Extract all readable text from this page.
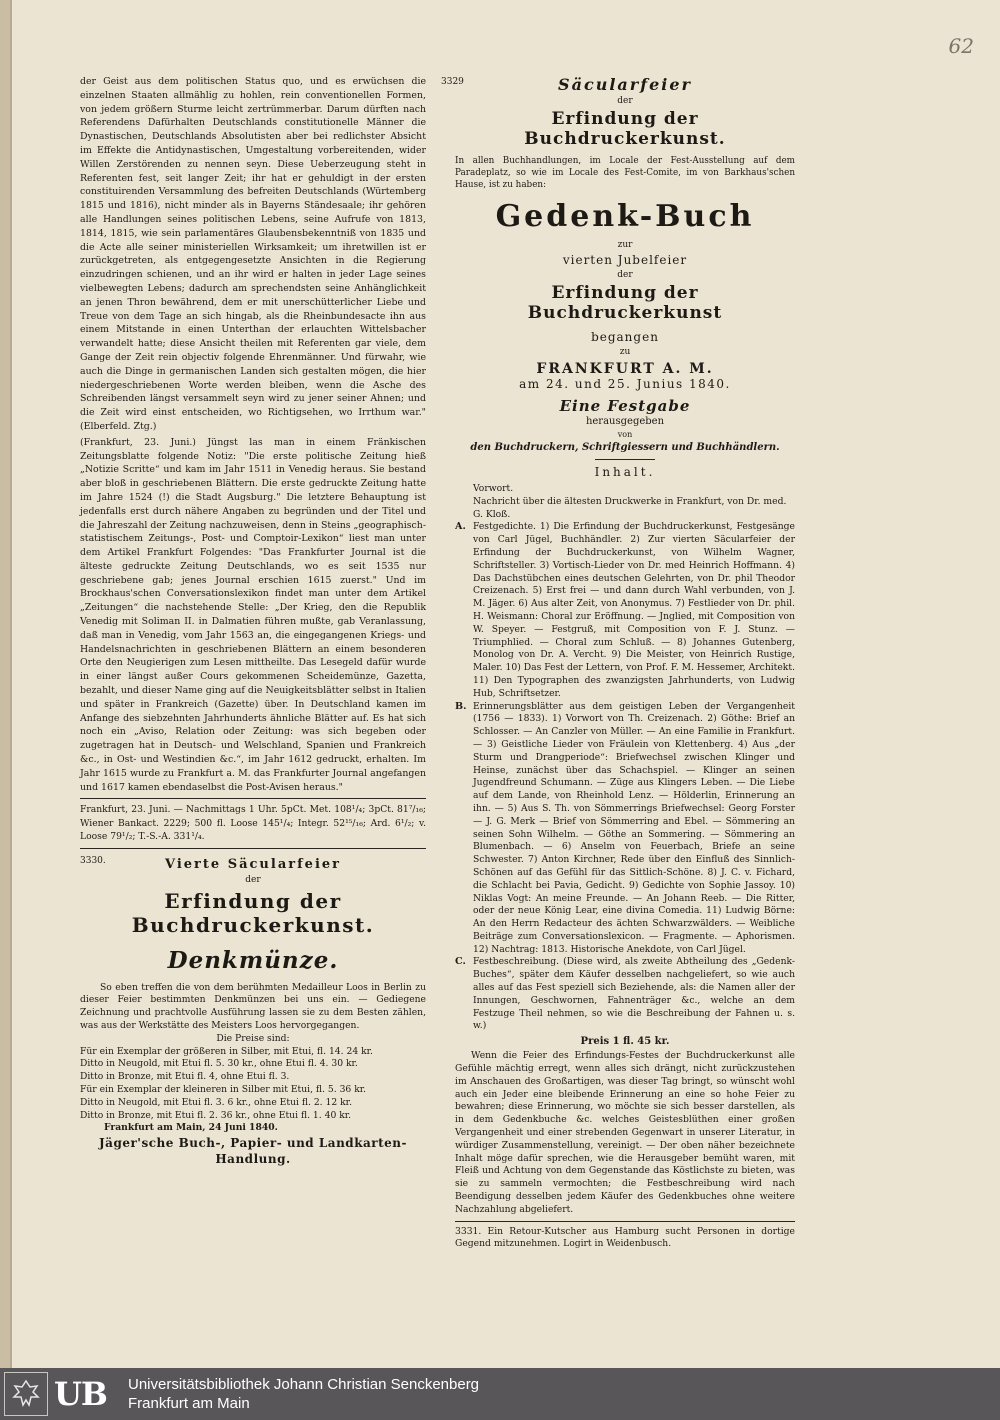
62

der Geist aus dem politischen Status quo, und es erwüchsen die einzelnen Staaten allmählig zu hohlen, rein conventionellen Formen, von jedem größern Sturme leicht zertrümmerbar. Darum dürften nach Referendens Dafürhalten Deutschlands constitutionelle Männer die Dynastischen, Deutschlands Absolutisten aber bei redlichster Absicht im Effekte die Antidynastischen, Umgestaltung vorbereitenden, wider Willen Zerstörenden zu nennen seyn. Diese Ueberzeugung steht in Referenten fest, seit langer Zeit; ihr hat er gehuldigt in der ersten constituirenden Versammlung des befreiten Deutschlands (Würtemberg 1815 und 1816), nicht minder als in Bayerns Ständesaale; ihr gehören alle Handlungen seines politischen Lebens, seine Aufrufe von 1813, 1814, 1815, wie sein parlamentäres Glaubensbekenntniß von 1835 und die Acte alle seiner ministeriellen Wirksamkeit; um ihretwillen ist er zurückgetreten, als entgegengesetzte Ansichten in die Regierung einzudringen schienen, und an ihr wird er halten in jeder Lage seines vielbewegten Lebens; dadurch am sprechendsten seine Anhänglichkeit an jenen Thron bewährend, dem er mit unerschütterlicher Liebe und Treue von dem Tage an sich hingab, als die Rheinbundesacte ihn aus einem Mitstande in einen Unterthan der erlauchten Wittelsbacher verwandelt hatte; diese Ansicht theilen mit Referenten gar viele, dem Gange der Zeit rein objectiv folgende Ehrenmänner. Und fürwahr, wie auch die Dinge in germanischen Landen sich gestalten mögen, die hier niedergeschriebenen Worte werden bleiben, wenn die Asche des Schreibenden längst versammelt seyn wird zu jener seiner Ahnen; und die Zeit wird einst entscheiden, wo Richtigsehen, wo Irrthum war." (Elberfeld. Ztg.)

(Frankfurt, 23. Juni.) Jüngst las man in einem Fränkischen Zeitungsblatte folgende Notiz: "Die erste politische Zeitung hieß „Notizie Scritte“ und kam im Jahr 1511 in Venedig heraus. Sie bestand aber bloß in geschriebenen Blättern. Die erste gedruckte Zeitung hatte im Jahre 1524 (!) die Stadt Augsburg." Die letztere Behauptung ist jedenfalls erst durch nähere Angaben zu begründen und der Titel und die Jahreszahl der Zeitung nachzuweisen, denn in Steins „geographisch-statistischem Zeitungs-, Post- und Comptoir-Lexikon“ liest man unter dem Artikel Frankfurt Folgendes: "Das Frankfurter Journal ist die älteste gedruckte Zeitung Deutschlands, wo es seit 1535 nur geschriebene gab; jenes Journal erschien 1615 zuerst." Und im Brockhaus'schen Conversationslexikon findet man unter dem Artikel „Zeitungen“ die nachstehende Stelle: „Der Krieg, den die Republik Venedig mit Soliman II. in Dalmatien führen mußte, gab Veranlassung, daß man in Venedig, vom Jahr 1563 an, die eingegangenen Kriegs- und Handelsnachrichten in geschriebenen Blättern an einem besonderen Orte den Neugierigen zum Lesen mittheilte. Das Lesegeld dafür wurde in einer längst außer Cours gekommenen Scheidemünze, Gazetta, bezahlt, und dieser Name ging auf die Neuigkeitsblätter selbst in Italien und später in Frankreich (Gazette) über. In Deutschland kamen im Anfange des siebzehnten Jahrhunderts ähnliche Blätter auf. Es hat sich noch ein „Aviso, Relation oder Zeitung: was sich begeben oder zugetragen hat in Deutsch- und Welschland, Spanien und Frankreich &c., in Ost- und Westindien &c.“, im Jahr 1612 gedruckt, erhalten. Im Jahr 1615 wurde zu Frankfurt a. M. das Frankfurter Journal angefangen und 1617 kamen ebendaselbst die Post-Avisen heraus."

Frankfurt, 23. Juni. — Nachmittags 1 Uhr. 5pCt. Met. 108¹/₄; 3pCt. 81⁷/₁₆; Wiener Bankact. 2229; 500 fl. Loose 145¹/₄; Integr. 52¹⁵/₁₆; Ard. 6¹/₂; v. Loose 79¹/₂; T.-S.-A. 331¹/₄.

3330.	Vierte Säcularfeier
der
Erfindung der Buchdruckerkunst.
Denkmünze.

So eben treffen die von dem berühmten Medailleur Loos in Berlin zu dieser Feier bestimmten Denkmünzen bei uns ein. — Gediegene Zeichnung und prachtvolle Ausführung lassen sie zu dem Besten zählen, was aus der Werkstätte des Meisters Loos hervorgegangen.

Die Preise sind:

Für ein Exemplar der größeren in Silber, mit Etui, fl. 14. 24 kr.

Ditto in Neugold, mit Etui fl. 5. 30 kr., ohne Etui fl. 4. 30 kr.

Ditto in Bronze, mit Etui fl. 4, ohne Etui fl. 3.

Für ein Exemplar der kleineren in Silber mit Etui, fl. 5. 36 kr.

Ditto in Neugold, mit Etui fl. 3. 6 kr., ohne Etui fl. 2. 12 kr.

Ditto in Bronze, mit Etui fl. 2. 36 kr., ohne Etui fl. 1. 40 kr.

Frankfurt am Main, 24 Juni 1840.

Jäger'sche Buch-, Papier- und Landkarten-Handlung.

3329	Säcularfeier
der
Erfindung der Buchdruckerkunst.

In allen Buchhandlungen, im Locale der Fest-Ausstellung auf dem Paradeplatz, so wie im Locale des Fest-Comite, im von Barkhaus'schen Hause, ist zu haben:

Gedenk-Buch
zur
vierten Jubelfeier
der
Erfindung der Buchdruckerkunst
begangen
zu
FRANKFURT A. M.
am 24. und 25. Junius 1840.
Eine Festgabe
herausgegeben
von
den Buchdruckern, Schriftgiessern und Buchhändlern.
Inhalt.

Vorwort.

Nachricht über die ältesten Druckwerke in Frankfurt, von Dr. med. G. Kloß.

A. Festgedichte. 1) Die Erfindung der Buchdruckerkunst, Festgesänge von Carl Jügel, Buchhändler. 2) Zur vierten Säcularfeier der Erfindung der Buchdruckerkunst, von Wilhelm Wagner, Schriftsteller. 3) Vortisch-Lieder von Dr. med Heinrich Hoffmann. 4) Das Dachstübchen eines deutschen Gelehrten, von Dr. phil Theodor Creizenach. 5) Erst frei — und dann durch Wahl verbunden, von J. M. Jäger. 6) Aus alter Zeit, von Anonymus. 7) Festlieder von Dr. phil. H. Weismann: Choral zur Eröffnung. — Jnglied, mit Composition von W. Speyer. — Festgruß, mit Composition von F. J. Stunz. — Triumphlied. — Choral zum Schluß. — 8) Johannes Gutenberg, Monolog von Dr. A. Vercht. 9) Die Meister, von Heinrich Rustige, Maler. 10) Das Fest der Lettern, von Prof. F. M. Hessemer, Architekt. 11) Den Typographen des zwanzigsten Jahrhunderts, von Ludwig Hub, Schriftsetzer.

B. Erinnerungsblätter aus dem geistigen Leben der Vergangenheit (1756 — 1833). 1) Vorwort von Th. Creizenach. 2) Göthe: Brief an Schlosser. — An Canzler von Müller. — An eine Familie in Frankfurt. — 3) Geistliche Lieder von Fräulein von Klettenberg. 4) Aus „der Sturm und Drangperiode“: Briefwechsel zwischen Klinger und Heinse, zunächst über das Schachspiel. — Klinger an seinen Jugendfreund Schumann. — Züge aus Klingers Leben. — Die Liebe auf dem Lande, von Rheinhold Lenz. — Hölderlin, Erinnerung an ihn. — 5) Aus S. Th. von Sömmerrings Briefwechsel: Georg Forster — J. G. Merk — Brief von Sömmerring and Ebel. — Sömmering an seinen Sohn Wilhelm. — Göthe an Sommering. — Sömmering an Blumenbach. — 6) Anselm von Feuerbach, Briefe an seine Schwester. 7) Anton Kirchner, Rede über den Einfluß des Sinnlich-Schönen auf das Gefühl für das Sittlich-Schöne. 8) J. C. v. Fichard, die Schlacht bei Pavia, Gedicht. 9) Gedichte von Sophie Jassoy. 10) Niklas Vogt: An meine Freunde. — An Johann Reeb. — Die Ritter, oder der neue König Lear, eine divina Comedia. 11) Ludwig Börne: An den Herrn Redacteur des ächten Schwarzwälders. — Weibliche Beiträge zum Conversationslexicon. — Fragmente. — Aphorismen. 12) Nachtrag: 1813. Historische Anekdote, von Carl Jügel.

C. Festbeschreibung. (Diese wird, als zweite Abtheilung des „Gedenk-Buches“, später dem Käufer desselben nachgeliefert, so wie auch alles auf das Fest speziell sich Beziehende, als: die Namen aller der Innungen, Geschwornen, Fahnenträger &c., welche an dem Festzuge Theil nehmen, so wie die Beschreibung der Fahnen u. s. w.)

Preis 1 fl. 45 kr.

Wenn die Feier des Erfindungs-Festes der Buchdruckerkunst alle Gefühle mächtig erregt, wenn alles sich drängt, nicht zurückzustehen im Anschauen des Großartigen, was dieser Tag bringt, so wünscht wohl auch ein Jeder eine bleibende Erinnerung an eine so hohe Feier zu bewahren; diese Erinnerung, wo möchte sie sich besser darstellen, als in dem Gedenkbuche &c. welches Geistesblüthen einer großen Vergangenheit und einer strebenden Gegenwart in unserer Literatur, in würdiger Zusammenstellung, vereinigt. — Der oben näher bezeichnete Inhalt möge dafür sprechen, wie die Herausgeber bemüht waren, mit Fleiß und Achtung von dem Gegenstande das Köstlichste zu bieten, was sie zu sammeln vermochten; die Festbeschreibung wird nach Beendigung desselben jedem Käufer des Gedenkbuches ohne weitere Nachzahlung abgeliefert.

3331. Ein Retour-Kutscher aus Hamburg sucht Personen in dortige Gegend mitzunehmen. Logirt in Weidenbusch.

UB Universitätsbibliothek Johann Christian Senckenberg
Frankfurt am Main
